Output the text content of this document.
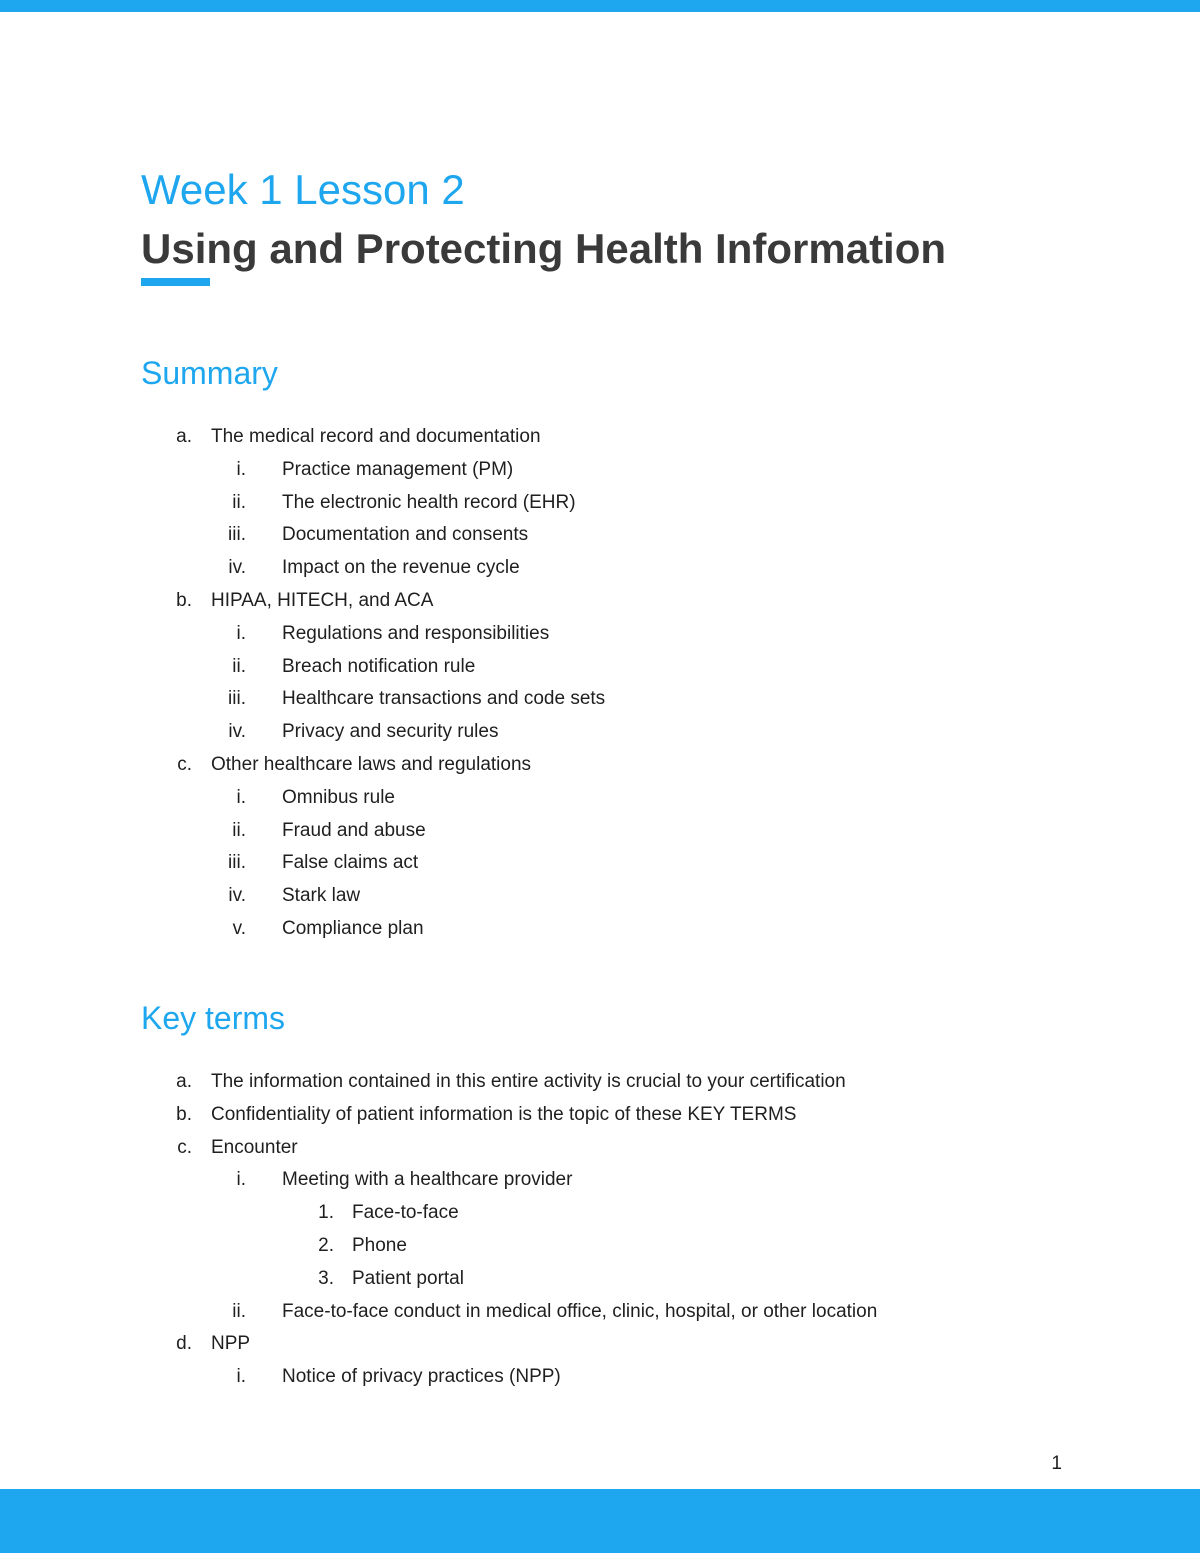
Week 1 Lesson 2
Using and Protecting Health Information
Summary
a. The medical record and documentation
i. Practice management (PM)
ii. The electronic health record (EHR)
iii. Documentation and consents
iv. Impact on the revenue cycle
b. HIPAA, HITECH, and ACA
i. Regulations and responsibilities
ii. Breach notification rule
iii. Healthcare transactions and code sets
iv. Privacy and security rules
c. Other healthcare laws and regulations
i. Omnibus rule
ii. Fraud and abuse
iii. False claims act
iv. Stark law
v. Compliance plan
Key terms
a. The information contained in this entire activity is crucial to your certification
b. Confidentiality of patient information is the topic of these KEY TERMS
c. Encounter
i. Meeting with a healthcare provider
1. Face-to-face
2. Phone
3. Patient portal
ii. Face-to-face conduct in medical office, clinic, hospital, or other location
d. NPP
i. Notice of privacy practices (NPP)
1
